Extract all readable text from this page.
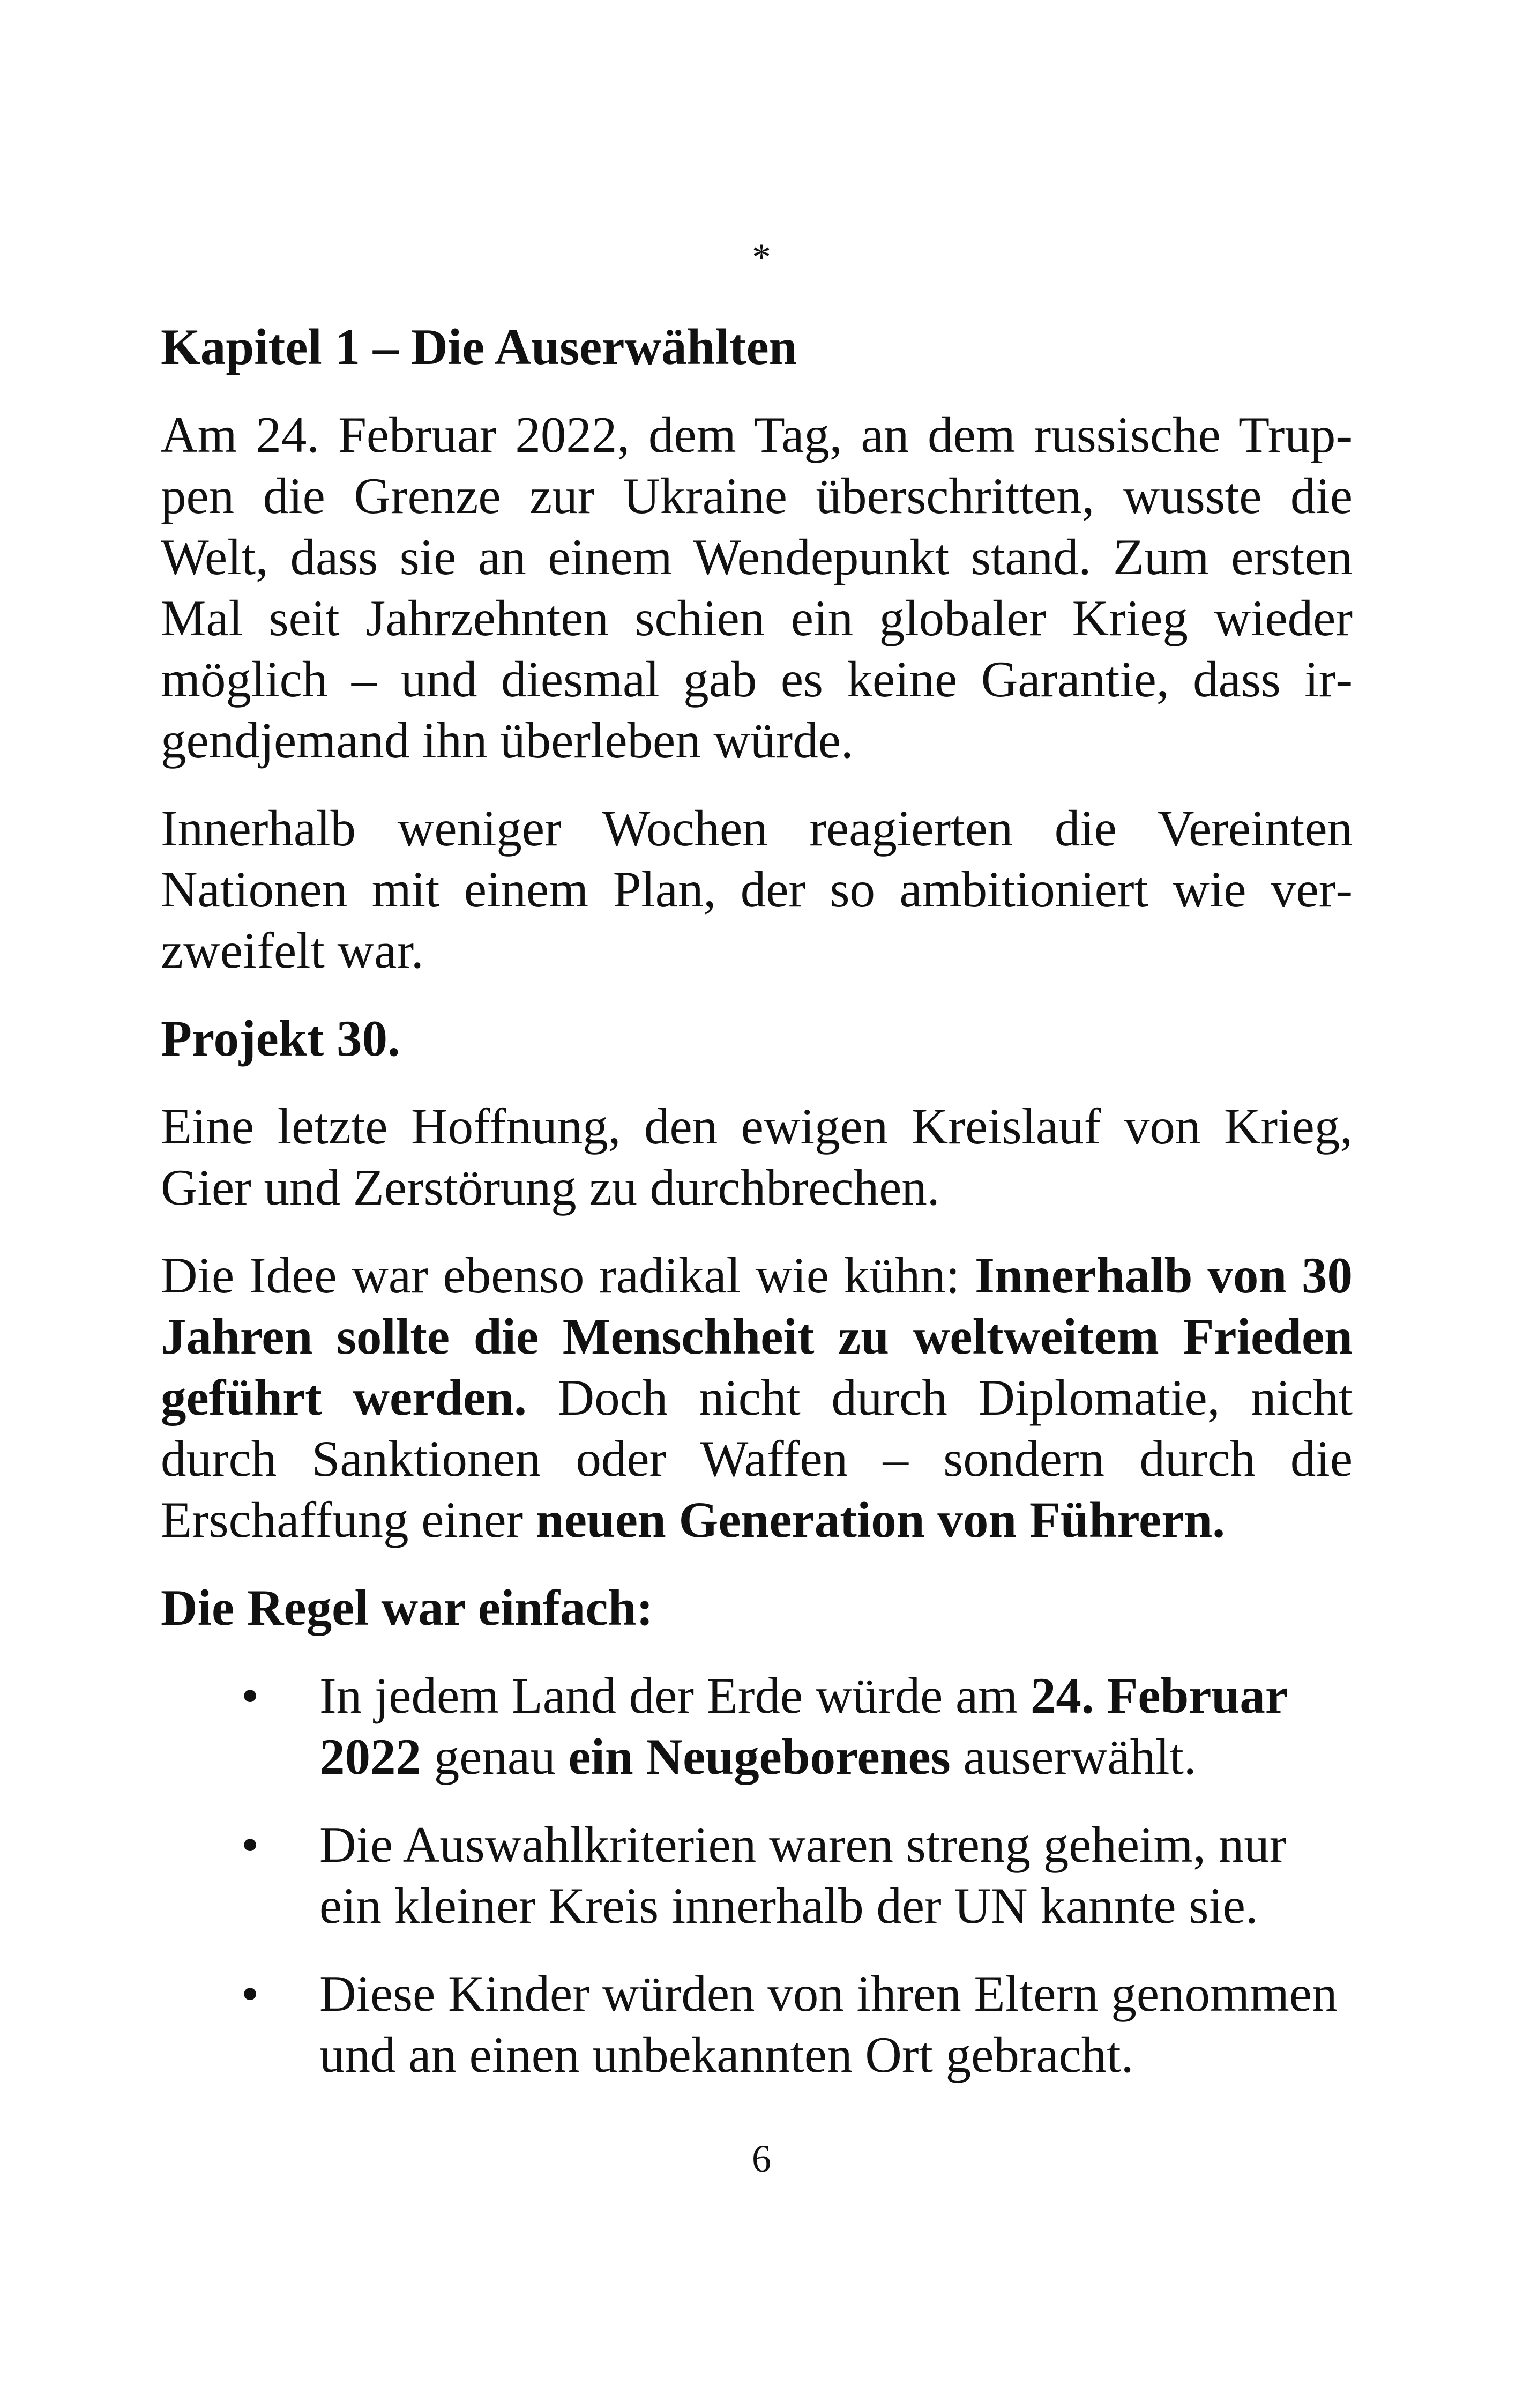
*

Kapitel 1 – Die Auserwählten

Am 24. Februar 2022, dem Tag, an dem russische Truppen die Grenze zur Ukraine überschritten, wusste die Welt, dass sie an einem Wendepunkt stand. Zum ersten Mal seit Jahrzehnten schien ein globaler Krieg wieder möglich – und diesmal gab es keine Garantie, dass irgendjemand ihn überleben würde.

Innerhalb weniger Wochen reagierten die Vereinten Nationen mit einem Plan, der so ambitioniert wie verzweifelt war.

Projekt 30.

Eine letzte Hoffnung, den ewigen Kreislauf von Krieg, Gier und Zerstörung zu durchbrechen.

Die Idee war ebenso radikal wie kühn: Innerhalb von 30 Jahren sollte die Menschheit zu weltweitem Frieden geführt werden. Doch nicht durch Diplomatie, nicht durch Sanktionen oder Waffen – sondern durch die Erschaffung einer neuen Generation von Führern.

Die Regel war einfach:

• In jedem Land der Erde würde am 24. Februar 2022 genau ein Neugeborenes auserwählt.
• Die Auswahlkriterien waren streng geheim, nur ein kleiner Kreis innerhalb der UN kannte sie.
• Diese Kinder würden von ihren Eltern genommen und an einen unbekannten Ort gebracht.
6
